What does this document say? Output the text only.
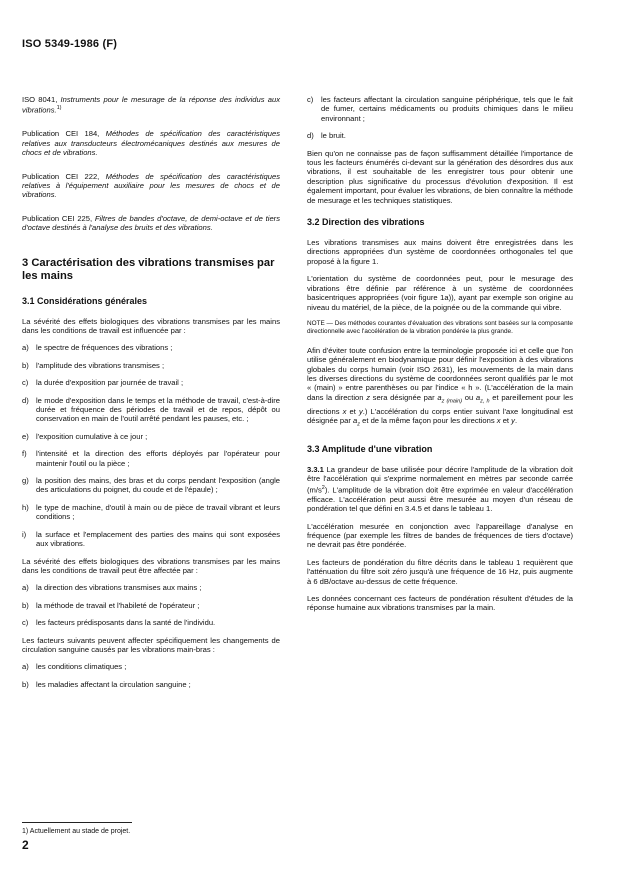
ISO 5349-1986 (F)

ISO 8041, Instruments pour le mesurage de la réponse des individus aux vibrations.$^{1)}$

Publication CEI 184, Méthodes de spécification des caractéristiques relatives aux transducteurs électromécaniques destinés aux mesures de chocs et de vibrations.

Publication CEI 222, Méthodes de spécification des caractéristiques relatives à l'équipement auxiliaire pour les mesures de chocs et de vibrations.

Publication CEI 225, Filtres de bandes d'octave, de demi-octave et de tiers d'octave destinés à l'analyse des bruits et des vibrations.

3 Caractérisation des vibrations transmises par les mains
3.1 Considérations générales

La sévérité des effets biologiques des vibrations transmises par les mains dans les conditions de travail est influencée par :

a) le spectre de fréquences des vibrations ;
b) l'amplitude des vibrations transmises ;
c) la durée d'exposition par journée de travail ;
d) le mode d'exposition dans le temps et la méthode de travail, c'est-à-dire durée et fréquence des périodes de travail et de repos, dépôt ou conservation en main de l'outil arrêté pendant les pauses, etc. ;
e) l'exposition cumulative à ce jour ;
f) l'intensité et la direction des efforts déployés par l'opérateur pour maintenir l'outil ou la pièce ;
g) la position des mains, des bras et du corps pendant l'exposition (angle des articulations du poignet, du coude et de l'épaule) ;
h) le type de machine, d'outil à main ou de pièce de travail vibrant et leurs conditions ;
i) la surface et l'emplacement des parties des mains qui sont exposées aux vibrations.

La sévérité des effets biologiques des vibrations transmises par les mains dans les conditions de travail peut être affectée par :

a) la direction des vibrations transmises aux mains ;
b) la méthode de travail et l'habileté de l'opérateur ;
c) les facteurs prédisposants dans la santé de l'individu.

Les facteurs suivants peuvent affecter spécifiquement les changements de circulation sanguine causés par les vibrations main-bras :

a) les conditions climatiques ;
b) les maladies affectant la circulation sanguine ;
c) les facteurs affectant la circulation sanguine périphérique, tels que le fait de fumer, certains médicaments ou produits chimiques dans le milieu environnant ;
d) le bruit.

Bien qu'on ne connaisse pas de façon suffisamment détaillée l'importance de tous les facteurs énumérés ci-devant sur la génération des désordres dus aux vibrations, il est souhaitable de les enregistrer tous pour obtenir une description plus significative du processus d'évolution d'exposition. Il est également important, pour évaluer les vibrations, de bien connaître la méthode de mesurage et les techniques statistiques.

3.2 Direction des vibrations

Les vibrations transmises aux mains doivent être enregistrées dans les directions appropriées d'un système de coordonnées orthogonales tel que proposé à la figure 1.

L'orientation du système de coordonnées peut, pour le mesurage des vibrations être définie par référence à un système de coordonnées basicentriques appropriées (voir figure 1a)), ayant par exemple son origine au niveau du matériel, de la pièce, de la poignée ou de la commande qui vibre.

NOTE — Des méthodes courantes d'évaluation des vibrations sont basées sur la composante directionnelle avec l'accélération de la vibration pondérée la plus grande.

Afin d'éviter toute confusion entre la terminologie proposée ici et celle que l'on utilise généralement en biodynamique pour définir l'exposition à des vibrations globales du corps humain (voir ISO 2631), les mouvements de la main dans les diverses directions du système de coordonnées seront qualifiés par le mot « (main) » entre parenthèses ou par l'indice « h ». (L'accélération de la main dans la direction z sera désignée par $a_{z (main)}$ ou $a_{z, h}$ et pareillement pour les directions x et y.) L'accélération du corps entier suivant l'axe longitudinal est désignée par $a_z$ et de la même façon pour les directions x et y.

3.3 Amplitude d'une vibration

3.3.1 La grandeur de base utilisée pour décrire l'amplitude de la vibration doit être l'accélération qui s'exprime normalement en mètres par seconde carrée $(m/s^2)$. L'amplitude de la vibration doit être exprimée en valeur d'accélération efficace. L'accélération peut aussi être mesurée au moyen d'un réseau de pondération tel que défini en 3.4.5 et dans le tableau 1.

L'accélération mesurée en conjonction avec l'appareillage d'analyse en fréquence (par exemple les filtres de bandes de fréquences de tiers d'octave) ne devrait pas être pondérée.

Les facteurs de pondération du filtre décrits dans le tableau 1 requièrent que l'atténuation du filtre soit zéro jusqu'à une fréquence de 16 Hz, puis augmente à 6 dB/octave au-dessus de cette fréquence.

Les données concernant ces facteurs de pondération résultent d'études de la réponse humaine aux vibrations transmises par la main.

1) Actuellement au stade de projet.
2
